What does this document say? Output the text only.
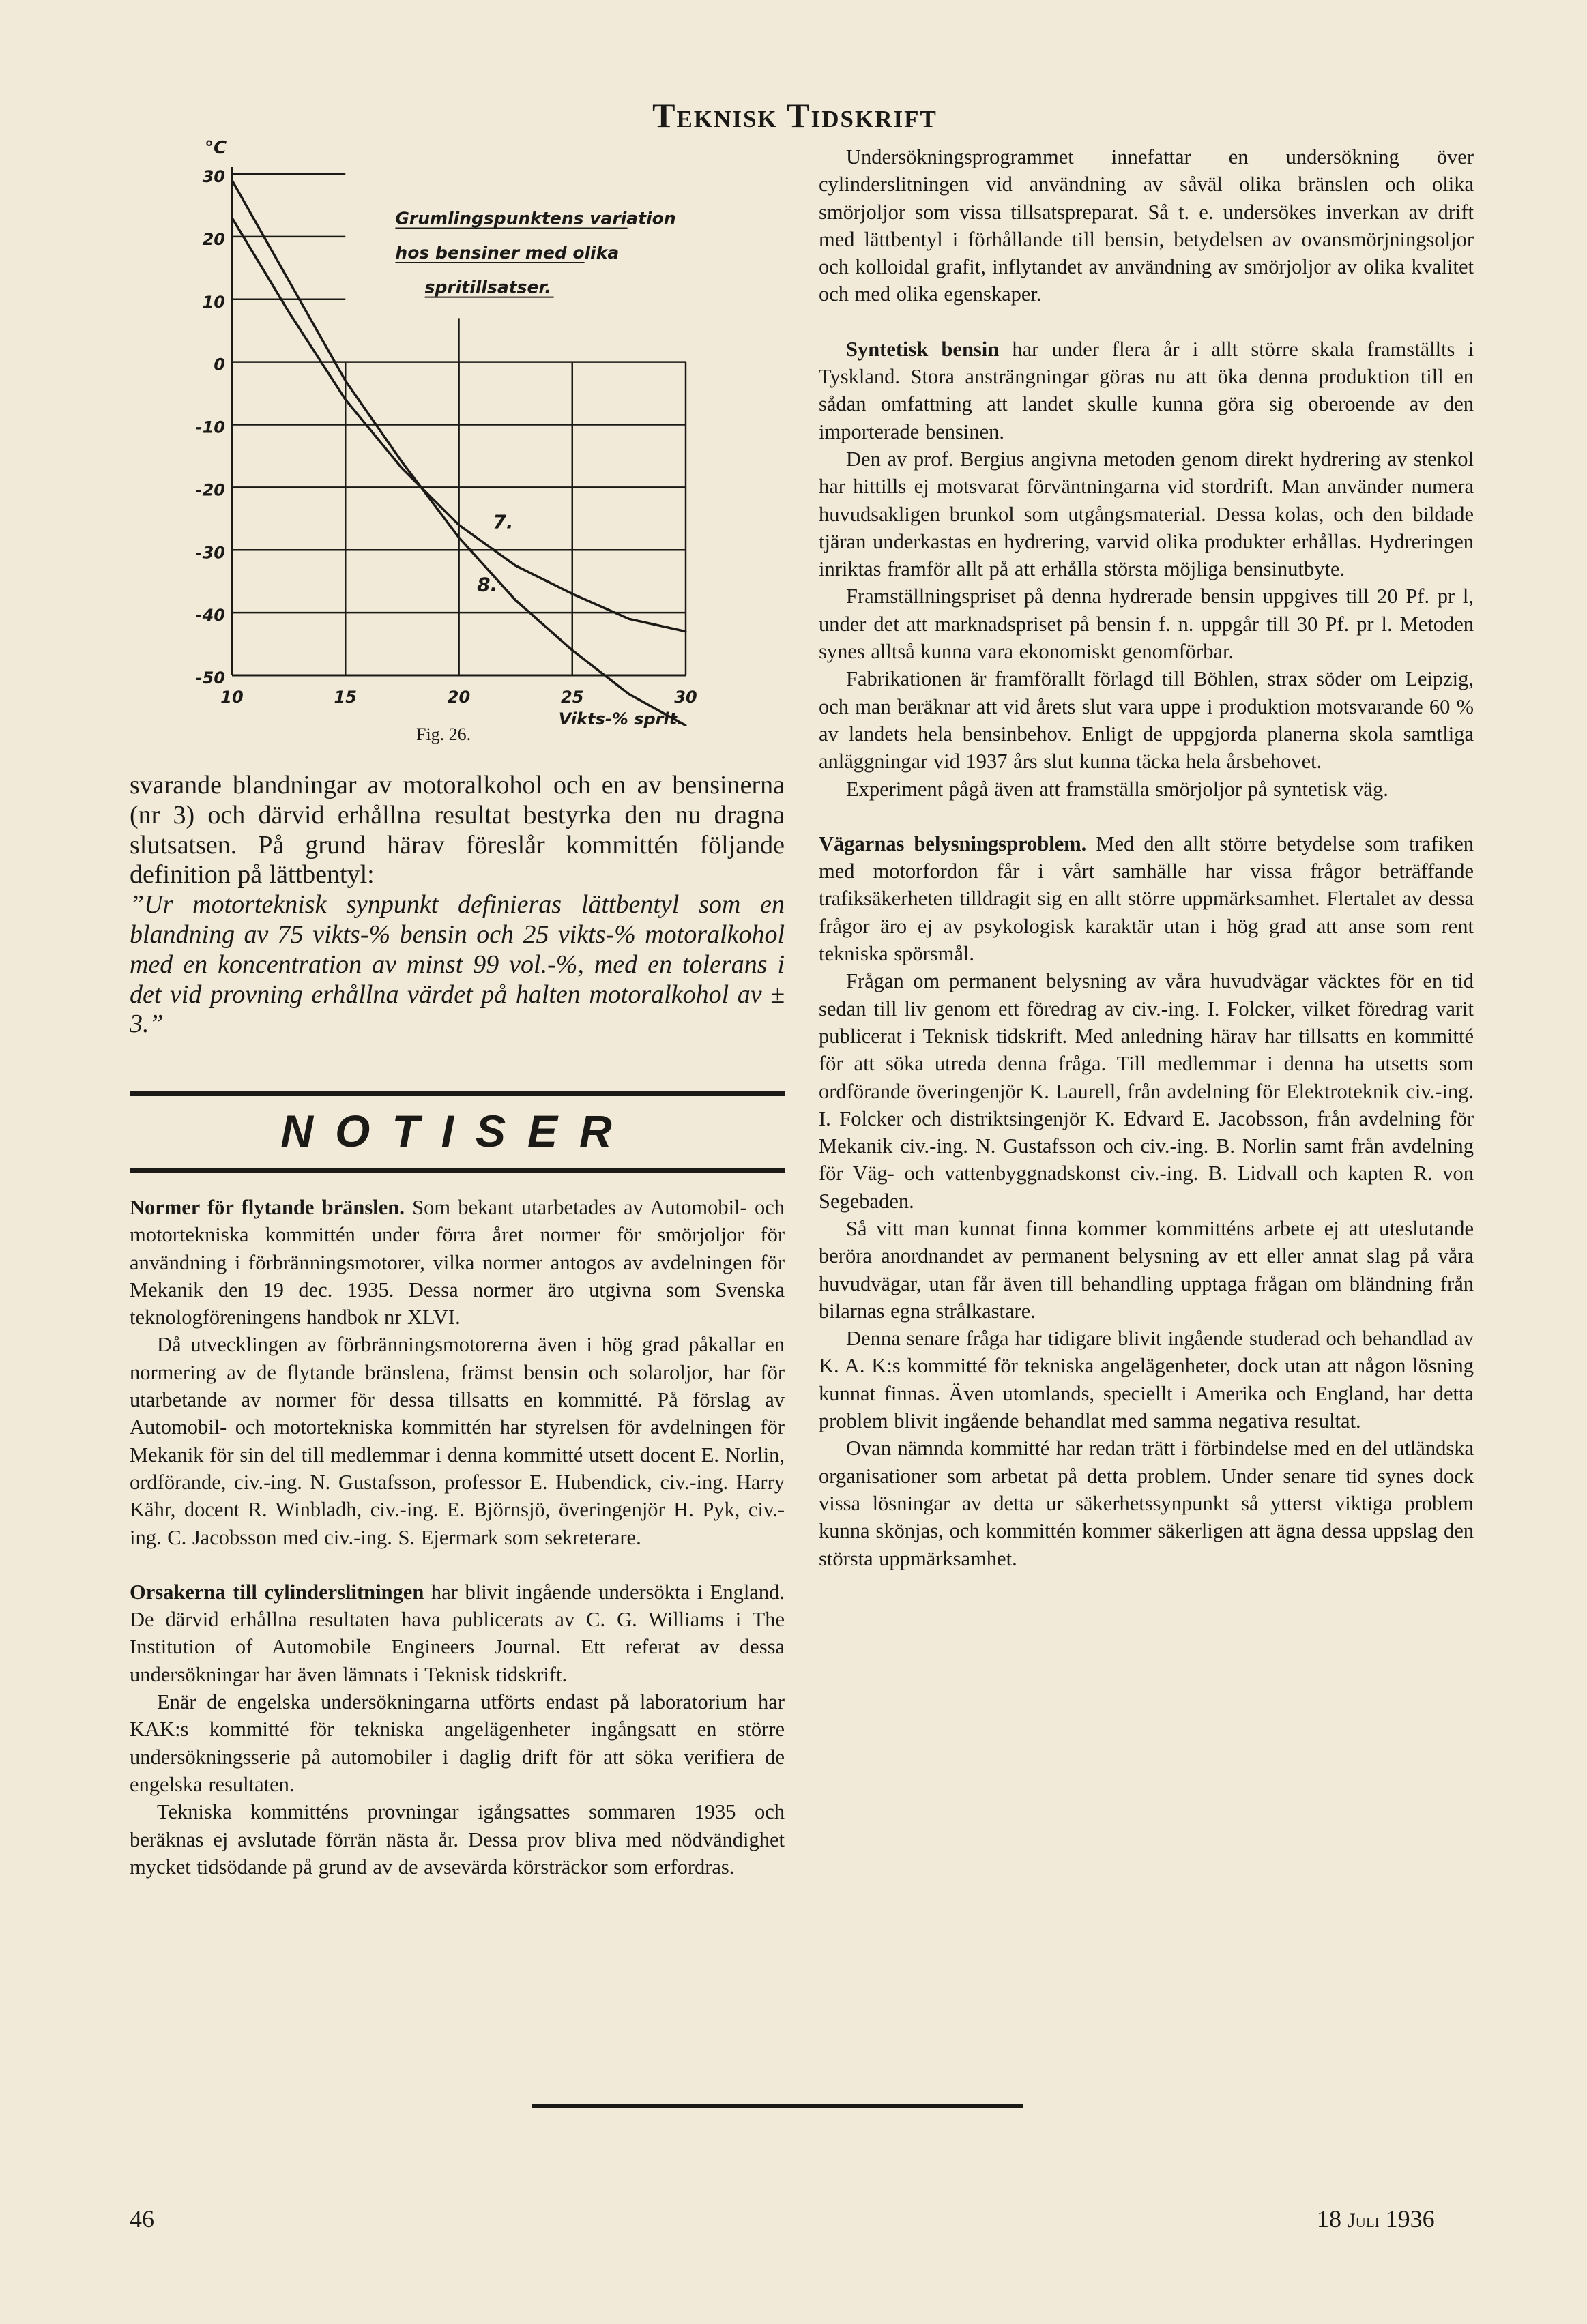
Teknisk Tidskrift
30
20
10
0
-10
-20
-30
-40
-50
°C
10	15	20	25	30
Vikts-% sprit.
7.
8.
Grumlingspunktens variation
hos bensiner med olika
spritillsatser.
Fig. 26.

svarande blandningar av motoralkohol och en av bensinerna (nr 3) och därvid erhållna resultat bestyrka den nu dragna slutsatsen. På grund härav föreslår kommittén följande definition på lättbentyl:

”Ur motorteknisk synpunkt definieras lättbentyl som en blandning av 75 vikts-% bensin och 25 vikts-% motoralkohol med en koncentration av minst 99 vol.-%, med en tolerans i det vid provning erhållna värdet på halten motoralkohol av ± 3.”

NOTISER

Normer för flytande bränslen. Som bekant utarbetades av Automobil- och motortekniska kommittén under förra året normer för smörjoljor för användning i förbränningsmotorer, vilka normer antogos av avdelningen för Mekanik den 19 dec. 1935. Dessa normer äro utgivna som Svenska teknologföreningens handbok nr XLVI.

Då utvecklingen av förbränningsmotorerna även i hög grad påkallar en normering av de flytande bränslena, främst bensin och solaroljor, har för utarbetande av normer för dessa tillsatts en kommitté. På förslag av Automobil- och motortekniska kommittén har styrelsen för avdelningen för Mekanik för sin del till medlemmar i denna kommitté utsett docent E. Norlin, ordförande, civ.-ing. N. Gustafsson, professor E. Hubendick, civ.-ing. Harry Kähr, docent R. Winbladh, civ.-ing. E. Björnsjö, överingenjör H. Pyk, civ.-ing. C. Jacobsson med civ.-ing. S. Ejermark som sekreterare.

Orsakerna till cylinderslitningen har blivit ingående undersökta i England. De därvid erhållna resultaten hava publicerats av C. G. Williams i The Institution of Automobile Engineers Journal. Ett referat av dessa undersökningar har även lämnats i Teknisk tidskrift.

Enär de engelska undersökningarna utförts endast på laboratorium har KAK:s kommitté för tekniska angelägenheter ingångsatt en större undersökningsserie på automobiler i daglig drift för att söka verifiera de engelska resultaten.

Tekniska kommitténs provningar igångsattes sommaren 1935 och beräknas ej avslutade förrän nästa år. Dessa prov bliva med nödvändighet mycket tidsödande på grund av de avsevärda körsträckor som erfordras.

Undersökningsprogrammet innefattar en undersökning över cylinderslitningen vid användning av såväl olika bränslen och olika smörjoljor som vissa tillsatspreparat. Så t. e. undersökes inverkan av drift med lättbentyl i förhållande till bensin, betydelsen av ovansmörjningsoljor och kolloidal grafit, inflytandet av användning av smörjoljor av olika kvalitet och med olika egenskaper.

Syntetisk bensin har under flera år i allt större skala framställts i Tyskland. Stora ansträngningar göras nu att öka denna produktion till en sådan omfattning att landet skulle kunna göra sig oberoende av den importerade bensinen.

Den av prof. Bergius angivna metoden genom direkt hydrering av stenkol har hittills ej motsvarat förväntningarna vid stordrift. Man använder numera huvudsakligen brunkol som utgångsmaterial. Dessa kolas, och den bildade tjäran underkastas en hydrering, varvid olika produkter erhållas. Hydreringen inriktas framför allt på att erhålla största möjliga bensinutbyte.

Framställningspriset på denna hydrerade bensin uppgives till 20 Pf. pr l, under det att marknadspriset på bensin f. n. uppgår till 30 Pf. pr l. Metoden synes alltså kunna vara ekonomiskt genomförbar.

Fabrikationen är framförallt förlagd till Böhlen, strax söder om Leipzig, och man beräknar att vid årets slut vara uppe i produktion motsvarande 60 % av landets hela bensinbehov. Enligt de uppgjorda planerna skola samtliga anläggningar vid 1937 års slut kunna täcka hela årsbehovet.

Experiment pågå även att framställa smörjoljor på syntetisk väg.

Vägarnas belysningsproblem. Med den allt större betydelse som trafiken med motorfordon får i vårt samhälle har vissa frågor beträffande trafiksäkerheten tilldragit sig en allt större uppmärksamhet. Flertalet av dessa frågor äro ej av psykologisk karaktär utan i hög grad att anse som rent tekniska spörsmål.

Frågan om permanent belysning av våra huvudvägar väcktes för en tid sedan till liv genom ett föredrag av civ.-ing. I. Folcker, vilket föredrag varit publicerat i Teknisk tidskrift. Med anledning härav har tillsatts en kommitté för att söka utreda denna fråga. Till medlemmar i denna ha utsetts som ordförande överingenjör K. Laurell, från avdelning för Elektroteknik civ.-ing. I. Folcker och distriktsingenjör K. Edvard E. Jacobsson, från avdelning för Mekanik civ.-ing. N. Gustafsson och civ.-ing. B. Norlin samt från avdelning för Väg- och vattenbyggnadskonst civ.-ing. B. Lidvall och kapten R. von Segebaden.

Så vitt man kunnat finna kommer kommitténs arbete ej att uteslutande beröra anordnandet av permanent belysning av ett eller annat slag på våra huvudvägar, utan får även till behandling upptaga frågan om bländning från bilarnas egna strålkastare.

Denna senare fråga har tidigare blivit ingående studerad och behandlad av K. A. K:s kommitté för tekniska angelägenheter, dock utan att någon lösning kunnat finnas. Även utomlands, speciellt i Amerika och England, har detta problem blivit ingående behandlat med samma negativa resultat.

Ovan nämnda kommitté har redan trätt i förbindelse med en del utländska organisationer som arbetat på detta problem. Under senare tid synes dock vissa lösningar av detta ur säkerhetssynpunkt så ytterst viktiga problem kunna skönjas, och kommittén kommer säkerligen att ägna dessa uppslag den största uppmärksamhet.

46	18 Juli 1936
